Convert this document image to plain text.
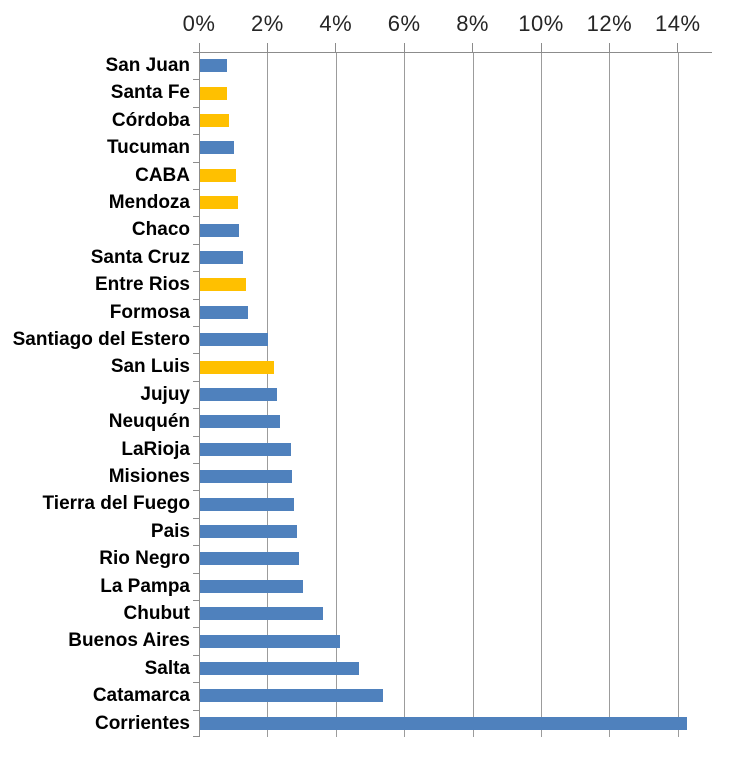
San Juan
Santa Fe
Córdoba
Tucuman
CABA
Mendoza
Chaco
Santa Cruz
Entre Rios
Formosa
Santiago del Estero
San Luis
Jujuy
Neuquén
LaRioja
Misiones
Tierra del Fuego
Pais
Rio Negro
La Pampa
Chubut
Buenos Aires
Salta
Catamarca
Corrientes
0% 2% 4% 6% 8% 10% 12% 14%
